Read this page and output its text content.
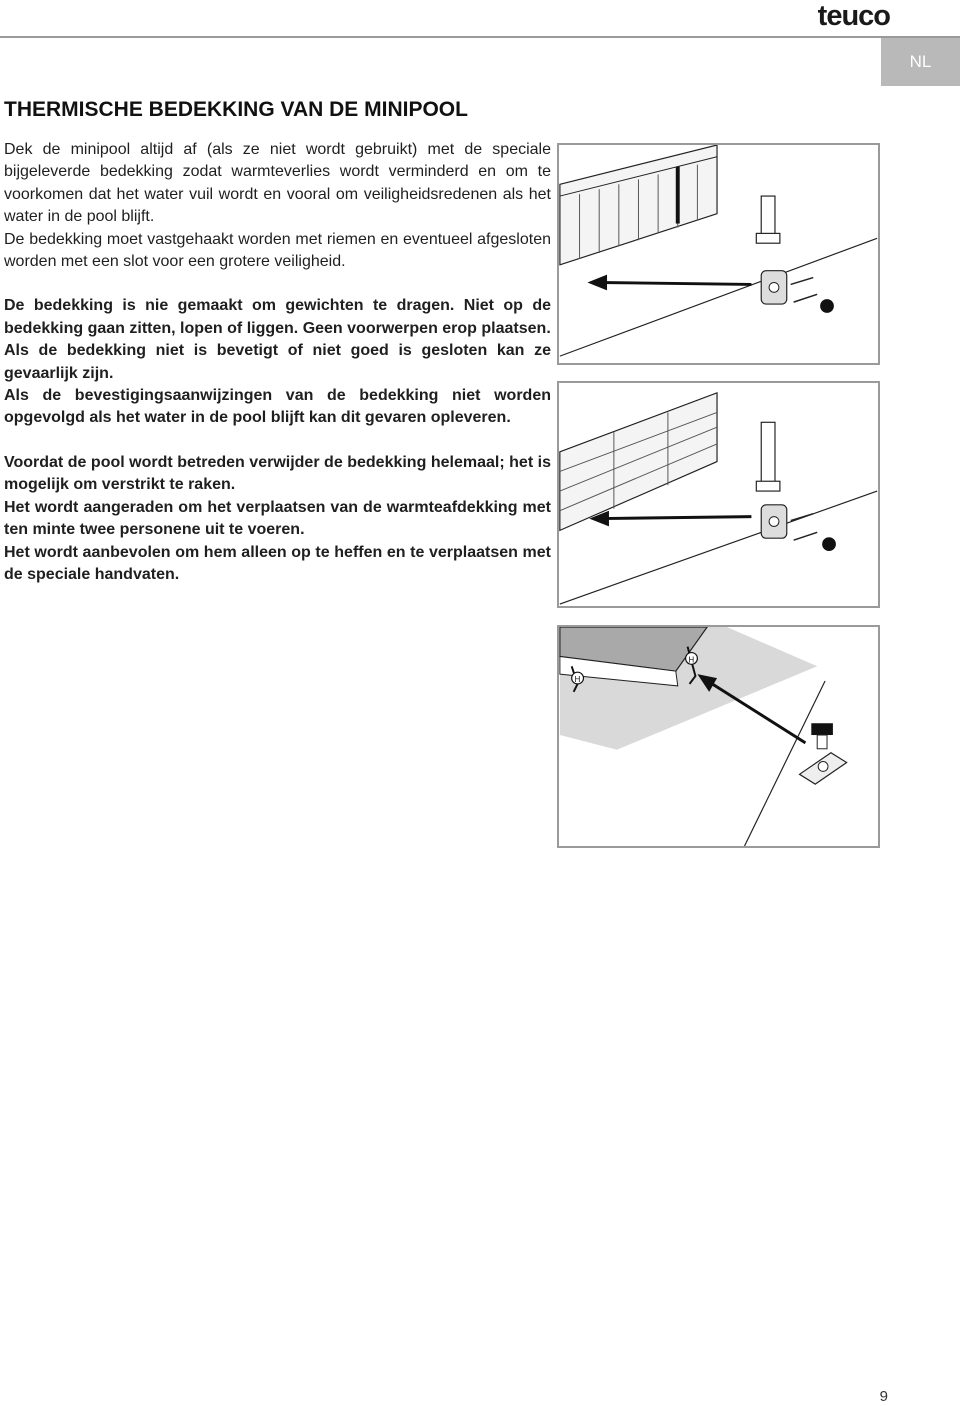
teuco
NL
THERMISCHE BEDEKKING VAN DE MINIPOOL

Dek de minipool altijd af (als ze niet wordt gebruikt) met de speciale bijgeleverde bedekking zodat warmteverlies wordt verminderd en om te voorkomen dat het water vuil wordt en vooral om veiligheidsredenen als het water in de pool blijft.

De bedekking moet vastgehaakt worden met riemen en eventueel afgesloten worden met een slot voor een grotere veiligheid.

De bedekking is nie gemaakt om gewichten te dragen. Niet op de bedekking gaan zitten, lopen of liggen. Geen voorwerpen erop plaatsen.

Als de bedekking niet is bevetigt of niet goed is gesloten kan ze gevaarlijk zijn.

Als de bevestigingsaanwijzingen van de bedekking niet worden opgevolgd als het water in de pool blijft kan dit gevaren opleveren.

Voordat de pool wordt betreden verwijder de bedekking helemaal; het is mogelijk om verstrikt te raken.

Het wordt aangeraden om het verplaatsen van de warmteafdekking met ten minte twee personene uit te voeren.

Het wordt aanbevolen om hem alleen op te heffen en te verplaatsen met de speciale handvaten.

H
H
9
